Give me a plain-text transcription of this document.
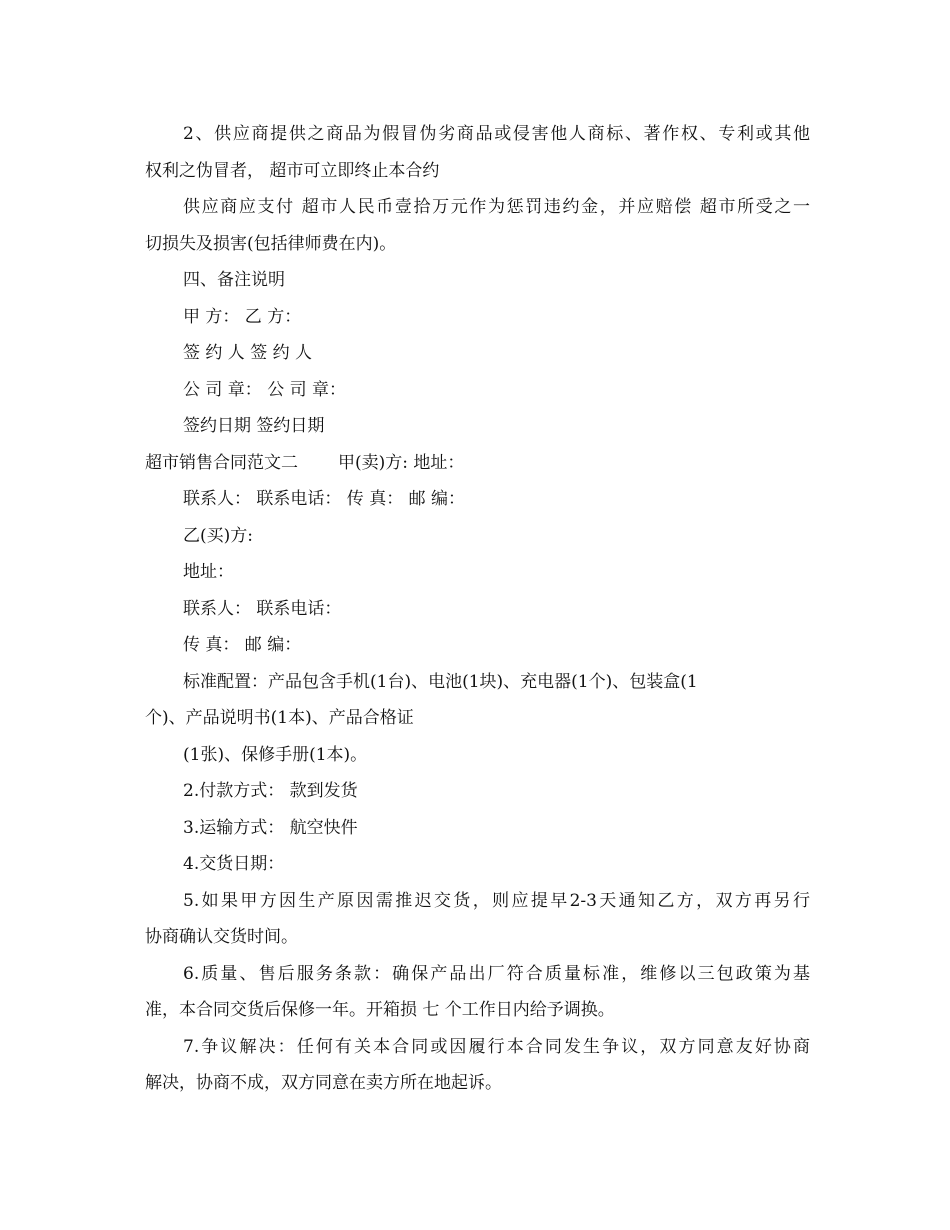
2、供应商提供之商品为假冒伪劣商品或侵害他人商标、著作权、专利或其他
权利之伪冒者， 超市可立即终止本合约
供应商应支付 超市人民币壹拾万元作为惩罚违约金，并应赔偿 超市所受之一
切损失及损害(包括律师费在内)。
四、备注说明
甲 方： 乙 方：
签 约 人 签 约 人
公 司 章： 公 司 章：
签约日期 签约日期
超市销售合同范文二 甲(卖)方: 地址：
联系人： 联系电话： 传 真： 邮 编：
乙(买)方:
地址：
联系人： 联系电话：
传 真： 邮 编：
标准配置：产品包含手机(1台)、电池(1块)、充电器(1个)、包装盒(1
个)、产品说明书(1本)、产品合格证
(1张)、保修手册(1本)。
2.付款方式： 款到发货
3.运输方式： 航空快件
4.交货日期：
5.如果甲方因生产原因需推迟交货，则应提早2-3天通知乙方，双方再另行
协商确认交货时间。
6.质量、售后服务条款：确保产品出厂符合质量标准，维修以三包政策为基
准，本合同交货后保修一年。开箱损 七 个工作日内给予调换。
7.争议解决：任何有关本合同或因履行本合同发生争议，双方同意友好协商
解决，协商不成，双方同意在卖方所在地起诉。
